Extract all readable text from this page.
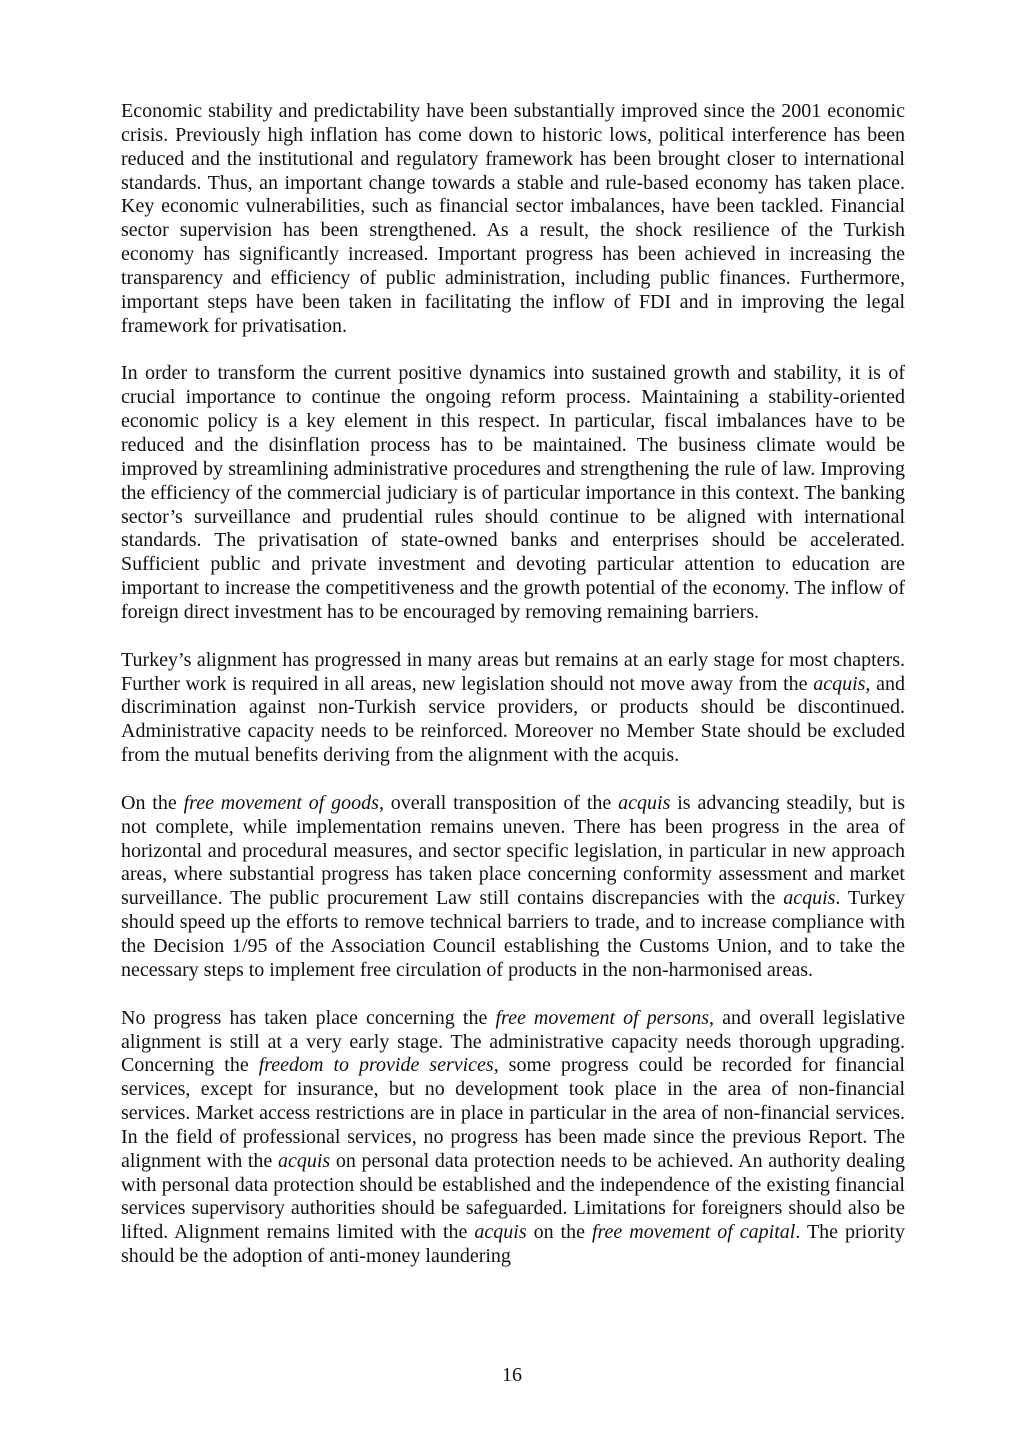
Economic stability and predictability have been substantially improved since the 2001 economic crisis. Previously high inflation has come down to historic lows, political interference has been reduced and the institutional and regulatory framework has been brought closer to international standards. Thus, an important change towards a stable and rule-based economy has taken place. Key economic vulnerabilities, such as financial sector imbalances, have been tackled. Financial sector supervision has been strengthened. As a result, the shock resilience of the Turkish economy has significantly increased. Important progress has been achieved in increasing the transparency and efficiency of public administration, including public finances. Furthermore, important steps have been taken in facilitating the inflow of FDI and in improving the legal framework for privatisation.

In order to transform the current positive dynamics into sustained growth and stability, it is of crucial importance to continue the ongoing reform process. Maintaining a stability-oriented economic policy is a key element in this respect. In particular, fiscal imbalances have to be reduced and the disinflation process has to be maintained. The business climate would be improved by streamlining administrative procedures and strengthening the rule of law. Improving the efficiency of the commercial judiciary is of particular importance in this context. The banking sector’s surveillance and prudential rules should continue to be aligned with international standards. The privatisation of state-owned banks and enterprises should be accelerated. Sufficient public and private investment and devoting particular attention to education are important to increase the competitiveness and the growth potential of the economy. The inflow of foreign direct investment has to be encouraged by removing remaining barriers.

Turkey’s alignment has progressed in many areas but remains at an early stage for most chapters. Further work is required in all areas, new legislation should not move away from the acquis, and discrimination against non-Turkish service providers, or products should be discontinued. Administrative capacity needs to be reinforced. Moreover no Member State should be excluded from the mutual benefits deriving from the alignment with the acquis.

On the free movement of goods, overall transposition of the acquis is advancing steadily, but is not complete, while implementation remains uneven. There has been progress in the area of horizontal and procedural measures, and sector specific legislation, in particular in new approach areas, where substantial progress has taken place concerning conformity assessment and market surveillance. The public procurement Law still contains discrepancies with the acquis. Turkey should speed up the efforts to remove technical barriers to trade, and to increase compliance with the Decision 1/95 of the Association Council establishing the Customs Union, and to take the necessary steps to implement free circulation of products in the non-harmonised areas.

No progress has taken place concerning the free movement of persons, and overall legislative alignment is still at a very early stage. The administrative capacity needs thorough upgrading. Concerning the freedom to provide services, some progress could be recorded for financial services, except for insurance, but no development took place in the area of non-financial services. Market access restrictions are in place in particular in the area of non-financial services. In the field of professional services, no progress has been made since the previous Report. The alignment with the acquis on personal data protection needs to be achieved. An authority dealing with personal data protection should be established and the independence of the existing financial services supervisory authorities should be safeguarded. Limitations for foreigners should also be lifted. Alignment remains limited with the acquis on the free movement of capital. The priority should be the adoption of anti-money laundering

16
